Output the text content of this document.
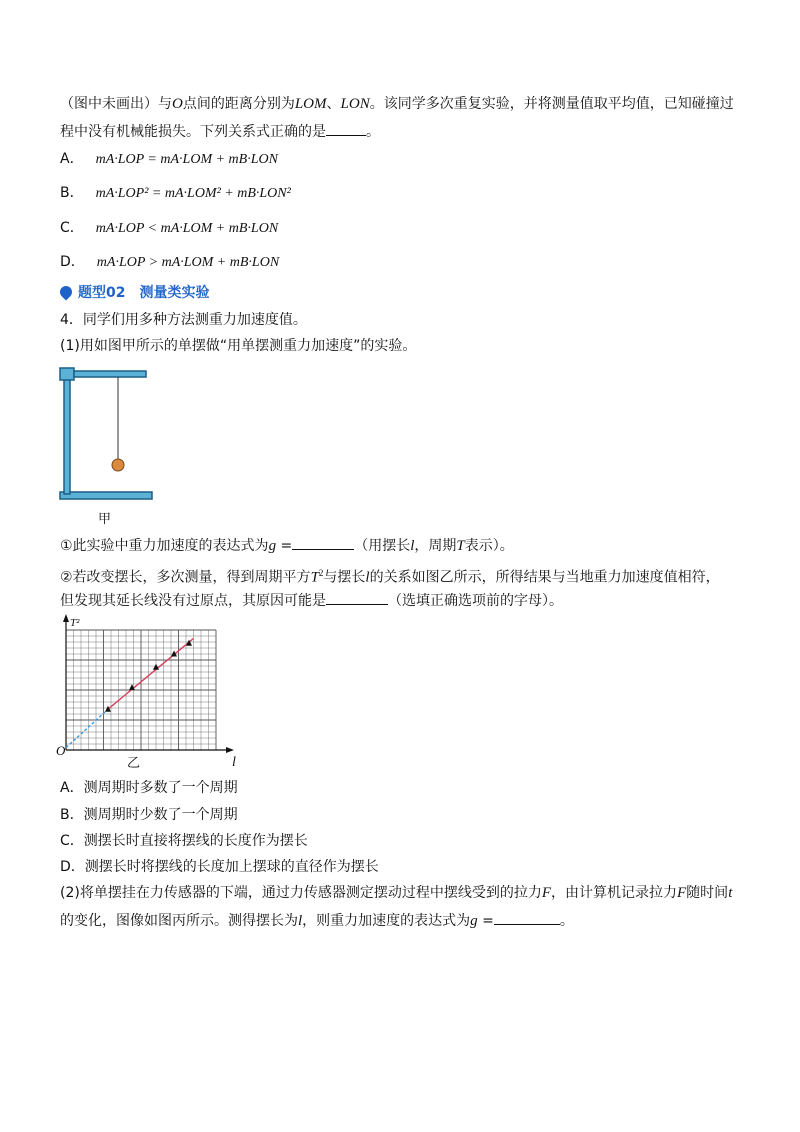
（图中未画出）与O点间的距离分别为LOM、LON。该同学多次重复实验，并将测量值取平均值，已知碰撞过
程中没有机械能损失。下列关系式正确的是	。
A． mA·LOP = mA·LOM + mB·LON
B． mA·LOP² = mA·LOM² + mB·LON²
C． mA·LOP < mA·LOM + mB·LON
D． mA·LOP > mA·LOM + mB·LON
题型02 测量类实验
4．同学们用多种方法测重力加速度值。
(1)用如图甲所示的单摆做“用单摆测重力加速度”的实验。
甲
①此实验中重力加速度的表达式为g =	（用摆长l，周期T表示）。
②若改变摆长，多次测量，得到周期平方$T^2$与摆长l的关系如图乙所示，所得结果与当地重力加速度值相符，
但发现其延长线没有过原点，其原因可能是	（选填正确选项前的字母）。
l
T²
O
乙
A．测周期时多数了一个周期
B．测周期时少数了一个周期
C．测摆长时直接将摆线的长度作为摆长
D．测摆长时将摆线的长度加上摆球的直径作为摆长
(2)将单摆挂在力传感器的下端，通过力传感器测定摆动过程中摆线受到的拉力F，由计算机记录拉力F随时间t
的变化，图像如图丙所示。测得摆长为l，则重力加速度的表达式为g =	。
